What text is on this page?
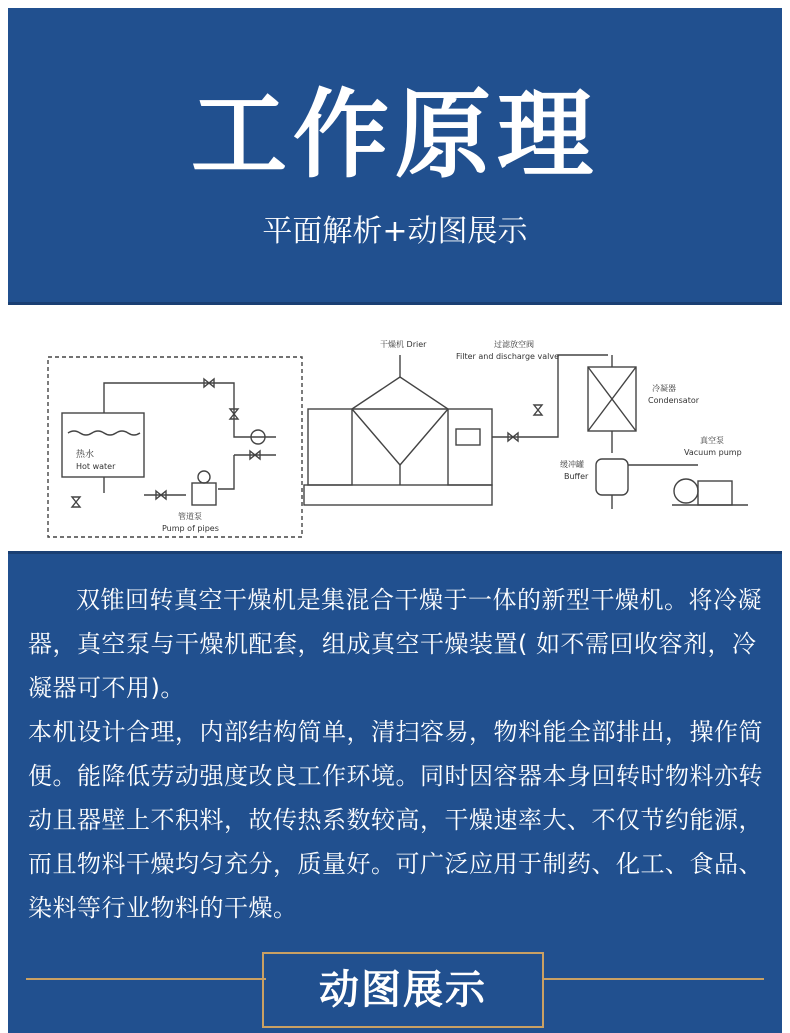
工作原理
平面解析+动图展示
热水
Hot water
管道泵
Pump of pipes
干燥机 Drier	过滤放空阀
Filter and discharge valve
冷凝器
Condensator
缓冲罐
Buffer
真空泵
Vacuum pump

双锥回转真空干燥机是集混合干燥于一体的新型干燥机。将冷凝器，真空泵与干燥机配套，组成真空干燥装置( 如不需回收容剂，冷凝器可不用)。

本机设计合理，内部结构简单，清扫容易，物料能全部排出，操作简便。能降低劳动强度改良工作环境。同时因容器本身回转时物料亦转动且器壁上不积料，故传热系数较高，干燥速率大、不仅节约能源，而且物料干燥均匀充分，质量好。可广泛应用于制药、化工、食品、染料等行业物料的干燥。

动图展示
